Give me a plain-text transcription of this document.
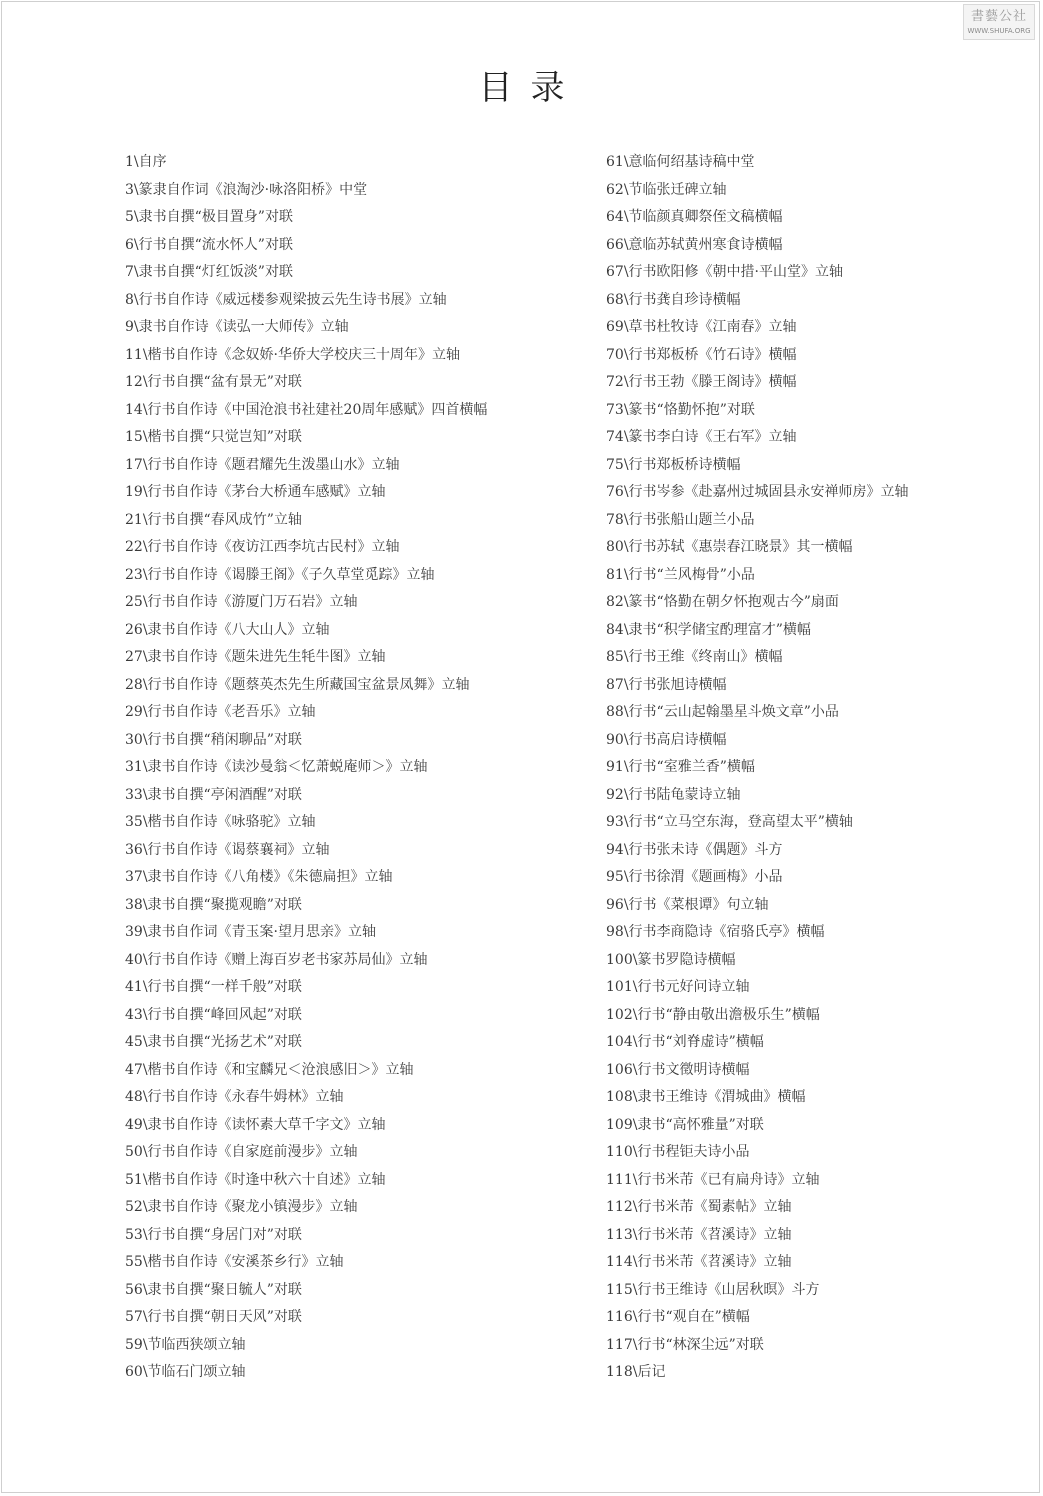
書藝公社
WWW.SHUFA.ORG
目录
1\自序
3\篆隶自作词《浪淘沙·咏洛阳桥》中堂
5\隶书自撰“极目置身”对联
6\行书自撰“流水怀人”对联
7\隶书自撰“灯红饭淡”对联
8\行书自作诗《威远楼参观梁披云先生诗书展》立轴
9\隶书自作诗《读弘一大师传》立轴
11\楷书自作诗《念奴娇·华侨大学校庆三十周年》立轴
12\行书自撰“盆有景无”对联
14\行书自作诗《中国沧浪书社建社20周年感赋》四首横幅
15\楷书自撰“只觉岂知”对联
17\行书自作诗《题君耀先生泼墨山水》立轴
19\行书自作诗《茅台大桥通车感赋》立轴
21\行书自撰“春风成竹”立轴
22\行书自作诗《夜访江西李坑古民村》立轴
23\行书自作诗《谒滕王阁》《子久草堂觅踪》立轴
25\行书自作诗《游厦门万石岩》立轴
26\隶书自作诗《八大山人》立轴
27\隶书自作诗《题朱进先生牦牛图》立轴
28\行书自作诗《题蔡英杰先生所藏国宝盆景凤舞》立轴
29\行书自作诗《老吾乐》立轴
30\行书自撰“稍闲聊品”对联
31\隶书自作诗《读沙曼翁＜忆萧蜕庵师＞》立轴
33\隶书自撰“亭闲酒醒”对联
35\楷书自作诗《咏骆驼》立轴
36\行书自作诗《谒蔡襄祠》立轴
37\隶书自作诗《八角楼》《朱德扁担》立轴
38\隶书自撰“聚揽观瞻”对联
39\隶书自作词《青玉案·望月思亲》立轴
40\行书自作诗《赠上海百岁老书家苏局仙》立轴
41\行书自撰“一样千般”对联
43\行书自撰“峰回风起”对联
45\隶书自撰“光扬艺术”对联
47\楷书自作诗《和宝麟兄＜沧浪感旧＞》立轴
48\行书自作诗《永春牛姆林》立轴
49\隶书自作诗《读怀素大草千字文》立轴
50\行书自作诗《自家庭前漫步》立轴
51\楷书自作诗《时逢中秋六十自述》立轴
52\隶书自作诗《聚龙小镇漫步》立轴
53\行书自撰“身居门对”对联
55\楷书自作诗《安溪茶乡行》立轴
56\隶书自撰“聚日毓人”对联
57\行书自撰“朝日天风”对联
59\节临西狭颂立轴
60\节临石门颂立轴
61\意临何绍基诗稿中堂
62\节临张迁碑立轴
64\节临颜真卿祭侄文稿横幅
66\意临苏轼黄州寒食诗横幅
67\行书欧阳修《朝中措·平山堂》立轴
68\行书龚自珍诗横幅
69\草书杜牧诗《江南春》立轴
70\行书郑板桥《竹石诗》横幅
72\行书王勃《滕王阁诗》横幅
73\篆书“恪勤怀抱”对联
74\篆书李白诗《王右军》立轴
75\行书郑板桥诗横幅
76\行书岑参《赴嘉州过城固县永安禅师房》立轴
78\行书张船山题兰小品
80\行书苏轼《惠崇春江晓景》其一横幅
81\行书“兰风梅骨”小品
82\篆书“恪勤在朝夕怀抱观古今”扇面
84\隶书“积学储宝酌理富才”横幅
85\行书王维《终南山》横幅
87\行书张旭诗横幅
88\行书“云山起翰墨星斗焕文章”小品
90\行书高启诗横幅
91\行书“室雅兰香”横幅
92\行书陆龟蒙诗立轴
93\行书“立马空东海，登高望太平”横轴
94\行书张未诗《偶题》斗方
95\行书徐渭《题画梅》小品
96\行书《菜根谭》句立轴
98\行书李商隐诗《宿骆氏亭》横幅
100\篆书罗隐诗横幅
101\行书元好问诗立轴
102\行书“静由敬出澹极乐生”横幅
104\行书“刘脊虚诗”横幅
106\行书文徵明诗横幅
108\隶书王维诗《渭城曲》横幅
109\隶书“高怀雅量”对联
110\行书程钜夫诗小品
111\行书米芾《已有扁舟诗》立轴
112\行书米芾《蜀素帖》立轴
113\行书米芾《苕溪诗》立轴
114\行书米芾《苕溪诗》立轴
115\行书王维诗《山居秋暝》斗方
116\行书“观自在”横幅
117\行书“林深尘远”对联
118\后记
